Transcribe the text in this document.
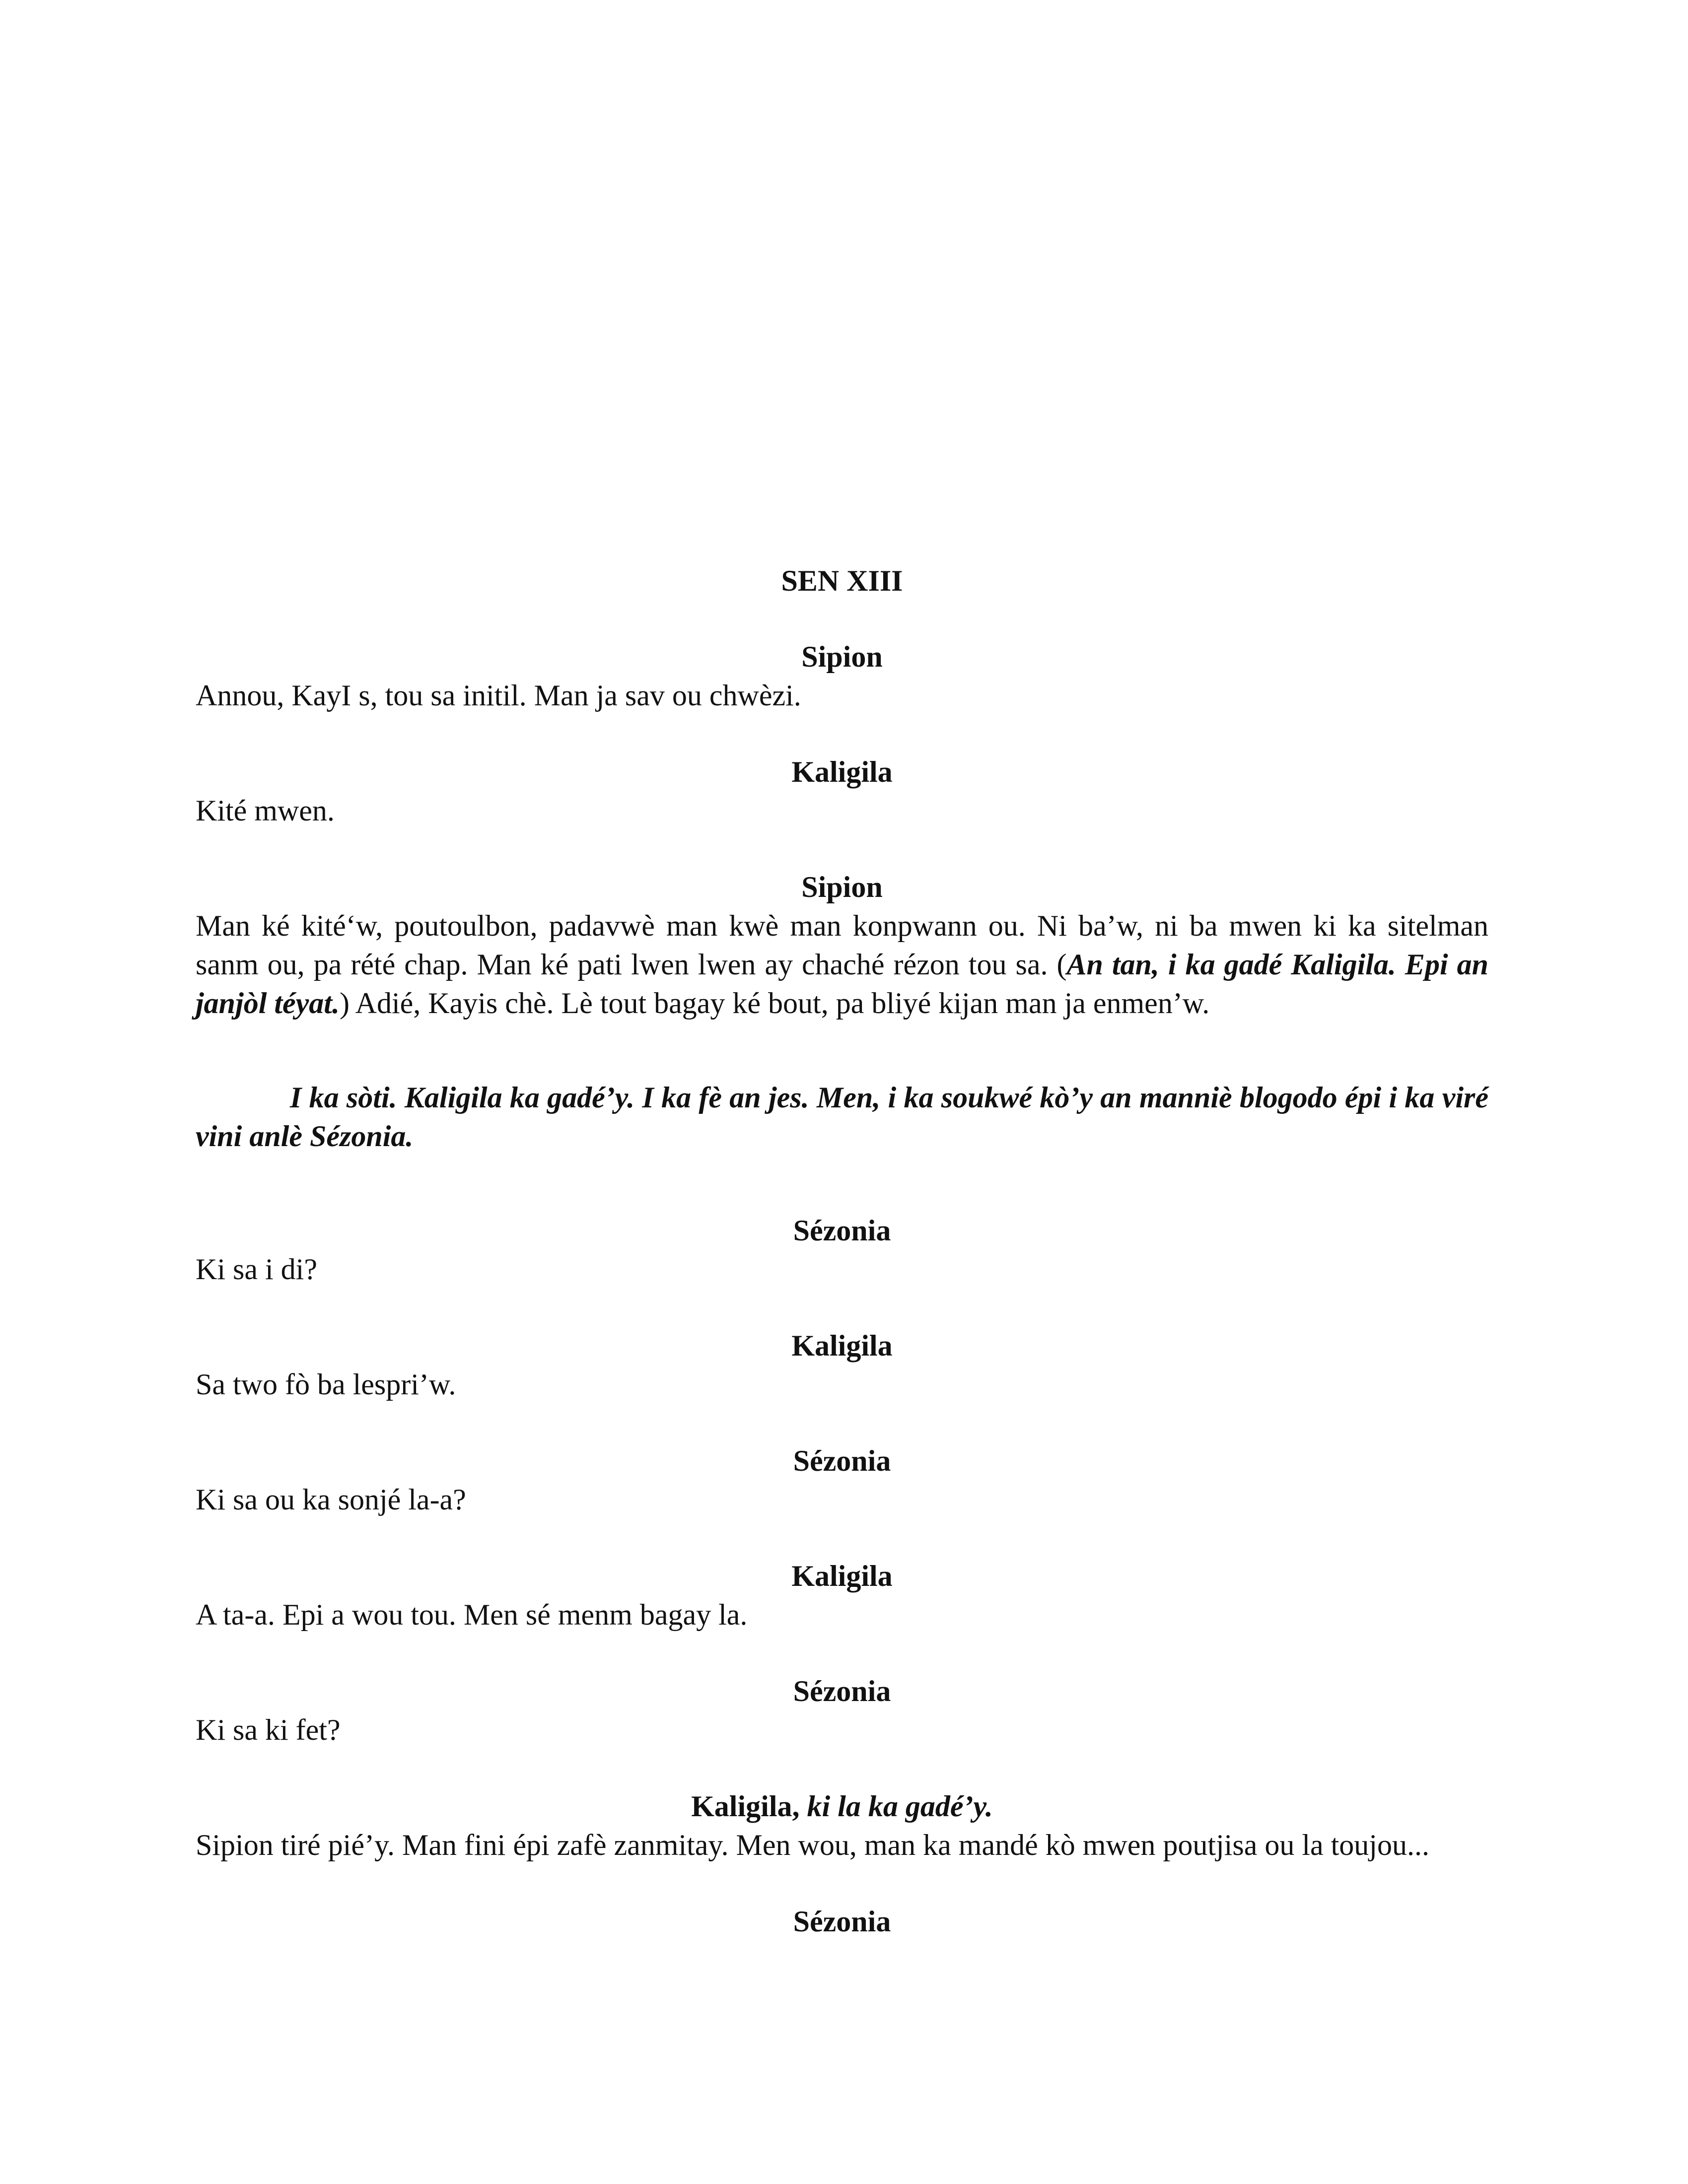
SEN XIII

Sipion

Annou, KayI s, tou sa initil. Man ja sav ou chwèzi.

Kaligila

Kité mwen.

Sipion

Man ké kité‘w, poutoulbon, padavwè man kwè man konpwann ou. Ni ba’w, ni ba mwen ki ka sitelman sanm ou, pa rété chap. Man ké pati lwen lwen ay chaché rézon tou sa. (An tan, i ka gadé Kaligila. Epi an janjòl téyat.) Adié, Kayis chè. Lè tout bagay ké bout, pa bliyé kijan man ja enmen’w.

I ka sòti. Kaligila ka gadé’y. I ka fè an jes. Men, i ka soukwé kò’y an manniè blogodo épi i ka viré vini anlè Sézonia.

Sézonia

Ki sa i di?

Kaligila

Sa two fò ba lespri’w.

Sézonia

Ki sa ou ka sonjé la-a?

Kaligila

A ta-a. Epi a wou tou. Men sé menm bagay la.

Sézonia

Ki sa ki fet?

Kaligila, ki la ka gadé’y.

Sipion tiré pié’y. Man fini épi zafè zanmitay. Men wou, man ka mandé kò mwen poutjisa ou la toujou...

Sézonia
